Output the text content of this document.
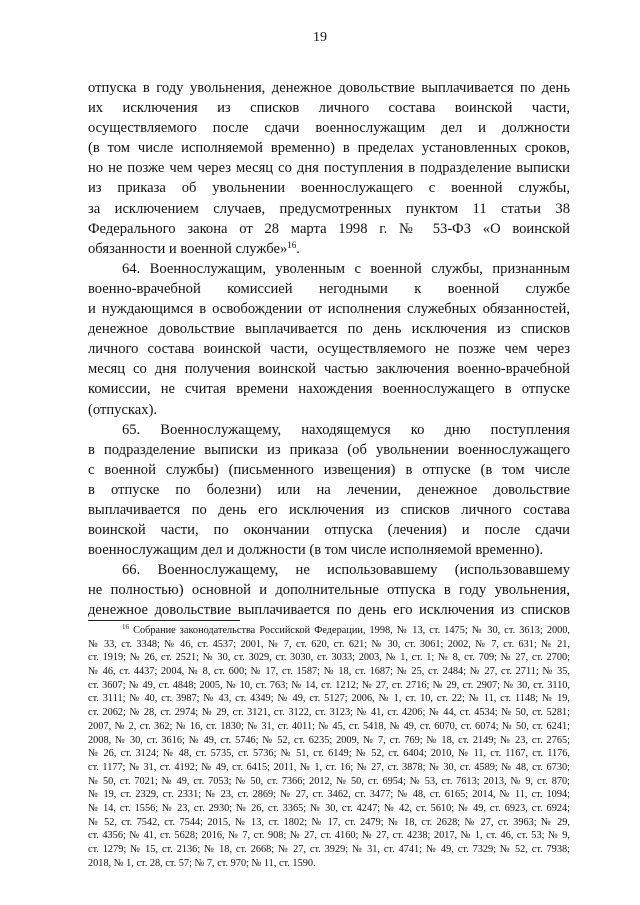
19
отпуска в году увольнения, денежное довольствие выплачивается по день
их исключения из списков личного состава воинской части,
осуществляемого после сдачи военнослужащим дел и должности
(в том числе исполняемой временно) в пределах установленных сроков,
но не позже чем через месяц со дня поступления в подразделение выписки
из приказа об увольнении военнослужащего с военной службы,
за исключением случаев, предусмотренных пунктом 11 статьи 38
Федерального закона от 28 марта 1998 г. № 53-ФЗ «О воинской
обязанности и военной службе»$^{16}$.
64. Военнослужащим, уволенным с военной службы, признанным
военно-врачебной комиссией негодными к военной службе
и нуждающимся в освобождении от исполнения служебных обязанностей,
денежное довольствие выплачивается по день исключения из списков
личного состава воинской части, осуществляемого не позже чем через
месяц со дня получения воинской частью заключения военно-врачебной
комиссии, не считая времени нахождения военнослужащего в отпуске
(отпусках).
65. Военнослужащему, находящемуся ко дню поступления
в подразделение выписки из приказа (об увольнении военнослужащего
с военной службы) (письменного извещения) в отпуске (в том числе
в отпуске по болезни) или на лечении, денежное довольствие
выплачивается по день его исключения из списков личного состава
воинской части, по окончании отпуска (лечения) и после сдачи
военнослужащим дел и должности (в том числе исполняемой временно).
66. Военнослужащему, не использовавшему (использовавшему
не полностью) основной и дополнительные отпуска в году увольнения,
денежное довольствие выплачивается по день его исключения из списков
$^{16}$ Собрание законодательства Российской Федерации, 1998, № 13, ст. 1475; № 30, ст. 3613; 2000,
№ 33, ст. 3348; № 46, ст. 4537; 2001, № 7, ст. 620, ст. 621; № 30, ст. 3061; 2002, № 7, ст. 631; № 21,
ст. 1919; № 26, ст. 2521; № 30, ст. 3029, ст. 3030, ст. 3033; 2003, № 1, ст. 1; № 8, ст. 709; № 27, ст. 2700;
№ 46, ст. 4437; 2004, № 8, ст. 600; № 17, ст. 1587; № 18, ст. 1687; № 25, ст. 2484; № 27, ст. 2711; № 35,
ст. 3607; № 49, ст. 4848; 2005, № 10, ст. 763; № 14, ст. 1212; № 27, ст. 2716; № 29, ст. 2907; № 30, ст. 3110,
ст. 3111; № 40, ст. 3987; № 43, ст. 4349; № 49, ст. 5127; 2006, № 1, ст. 10, ст. 22; № 11, ст. 1148; № 19,
ст. 2062; № 28, ст. 2974; № 29, ст. 3121, ст. 3122, ст. 3123; № 41, ст. 4206; № 44, ст. 4534; № 50, ст. 5281;
2007, № 2, ст. 362; № 16, ст. 1830; № 31, ст. 4011; № 45, ст. 5418, № 49, ст. 6070, ст. 6074; № 50, ст. 6241;
2008, № 30, ст. 3616; № 49, ст. 5746; № 52, ст. 6235; 2009, № 7, ст. 769; № 18, ст. 2149; № 23, ст. 2765;
№ 26, ст. 3124; № 48, ст. 5735, ст. 5736; № 51, ст. 6149; № 52, ст. 6404; 2010, № 11, ст. 1167, ст. 1176,
ст. 1177; № 31, ст. 4192; № 49, ст. 6415; 2011, № 1, ст. 16; № 27, ст. 3878; № 30, ст. 4589; № 48, ст. 6730;
№ 50, ст. 7021; № 49, ст. 7053; № 50, ст. 7366; 2012, № 50, ст. 6954; № 53, ст. 7613; 2013, № 9, ст. 870;
№ 19, ст. 2329, ст. 2331; № 23, ст. 2869; № 27, ст. 3462, ст. 3477; № 48, ст. 6165; 2014, № 11, ст. 1094;
№ 14, ст. 1556; № 23, ст. 2930; № 26, ст. 3365; № 30, ст. 4247; № 42, ст. 5610; № 49, ст. 6923, ст. 6924;
№ 52, ст. 7542, ст. 7544; 2015, № 13, ст. 1802; № 17, ст. 2479; № 18, ст. 2628; № 27, ст. 3963; № 29,
ст. 4356; № 41, ст. 5628; 2016, № 7, ст. 908; № 27, ст. 4160; № 27, ст. 4238; 2017, № 1, ст. 46, ст. 53; № 9,
ст. 1279; № 15, ст. 2136; № 18, ст. 2668; № 27, ст. 3929; № 31, ст. 4741; № 49, ст. 7329; № 52, ст. 7938;
2018, № 1, ст. 28, ст. 57; № 7, ст. 970; № 11, ст. 1590.
